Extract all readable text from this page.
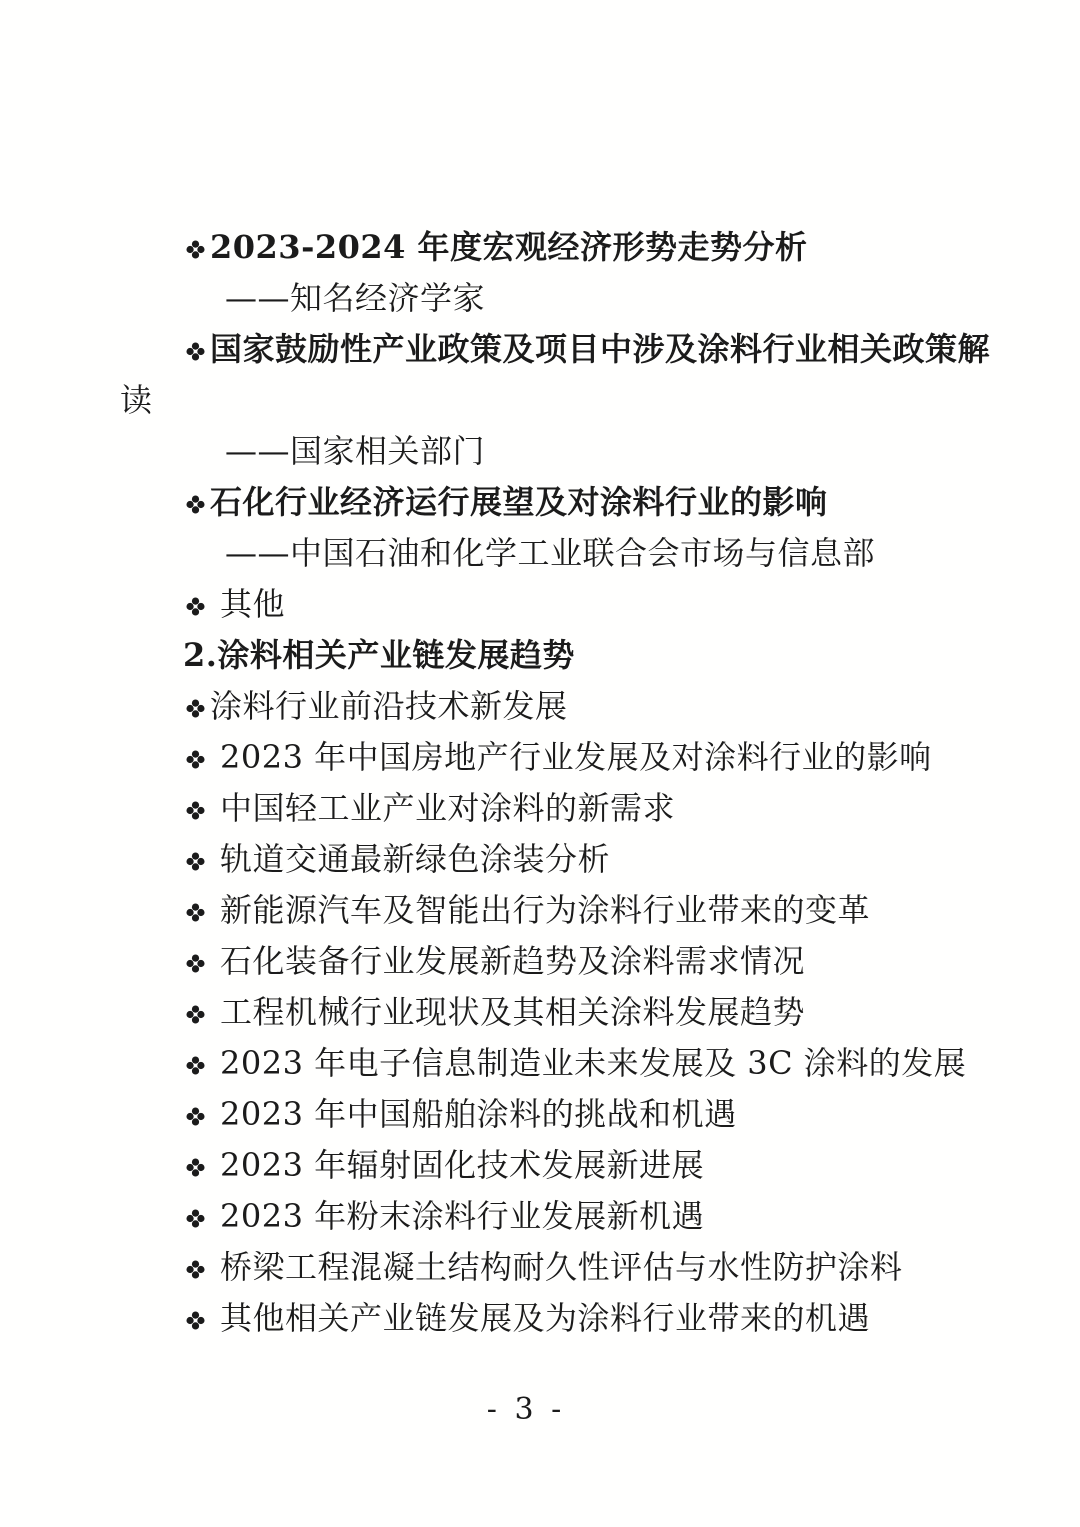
2023-2024 年度宏观经济形势走势分析
——知名经济学家
国家鼓励性产业政策及项目中涉及涂料行业相关政策解
读
——国家相关部门
石化行业经济运行展望及对涂料行业的影响
——中国石油和化学工业联合会市场与信息部
其他
2.涂料相关产业链发展趋势
涂料行业前沿技术新发展
2023 年中国房地产行业发展及对涂料行业的影响
中国轻工业产业对涂料的新需求
轨道交通最新绿色涂装分析
新能源汽车及智能出行为涂料行业带来的变革
石化装备行业发展新趋势及涂料需求情况
工程机械行业现状及其相关涂料发展趋势
2023 年电子信息制造业未来发展及 3C 涂料的发展
2023 年中国船舶涂料的挑战和机遇
2023 年辐射固化技术发展新进展
2023 年粉末涂料行业发展新机遇
桥梁工程混凝土结构耐久性评估与水性防护涂料
其他相关产业链发展及为涂料行业带来的机遇
- 3 -
